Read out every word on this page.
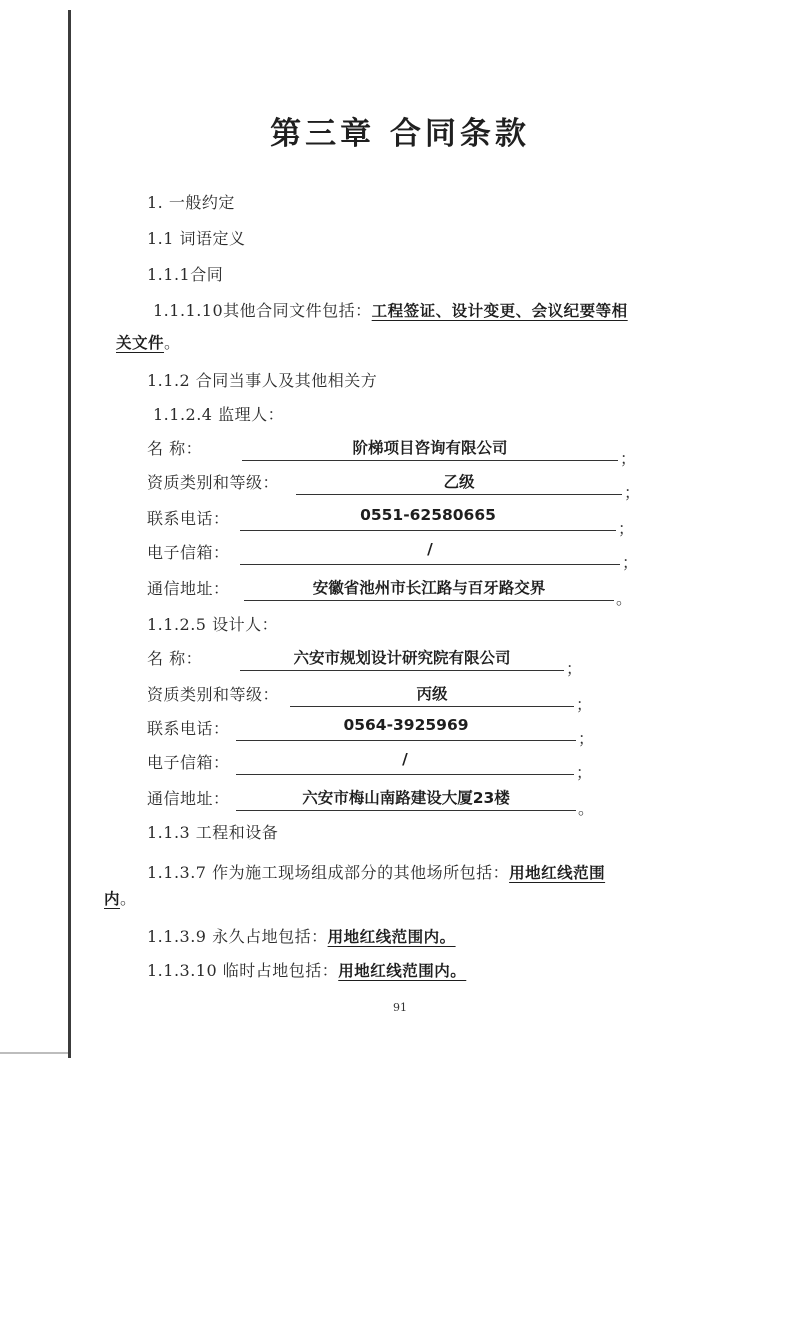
第三章 合同条款
1. 一般约定
1.1 词语定义
1.1.1合同
1.1.1.10其他合同文件包括：工程签证、设计变更、会议纪要等相
关文件。
1.1.2 合同当事人及其他相关方
1.1.2.4 监理人：
名 称：	阶梯项目咨询有限公司
；
资质类别和等级：	乙级
；
联系电话：	0551-62580665
；
电子信箱：	/
；
通信地址：	安徽省池州市长江路与百牙路交界
。
1.1.2.5 设计人：
名 称：	六安市规划设计研究院有限公司
；
资质类别和等级：	丙级
；
联系电话：	0564-3925969
；
电子信箱：	/
；
通信地址：	六安市梅山南路建设大厦23楼
。
1.1.3 工程和设备
1.1.3.7 作为施工现场组成部分的其他场所包括：用地红线范围
内。
1.1.3.9 永久占地包括：用地红线范围内。
1.1.3.10 临时占地包括：用地红线范围内。
91
